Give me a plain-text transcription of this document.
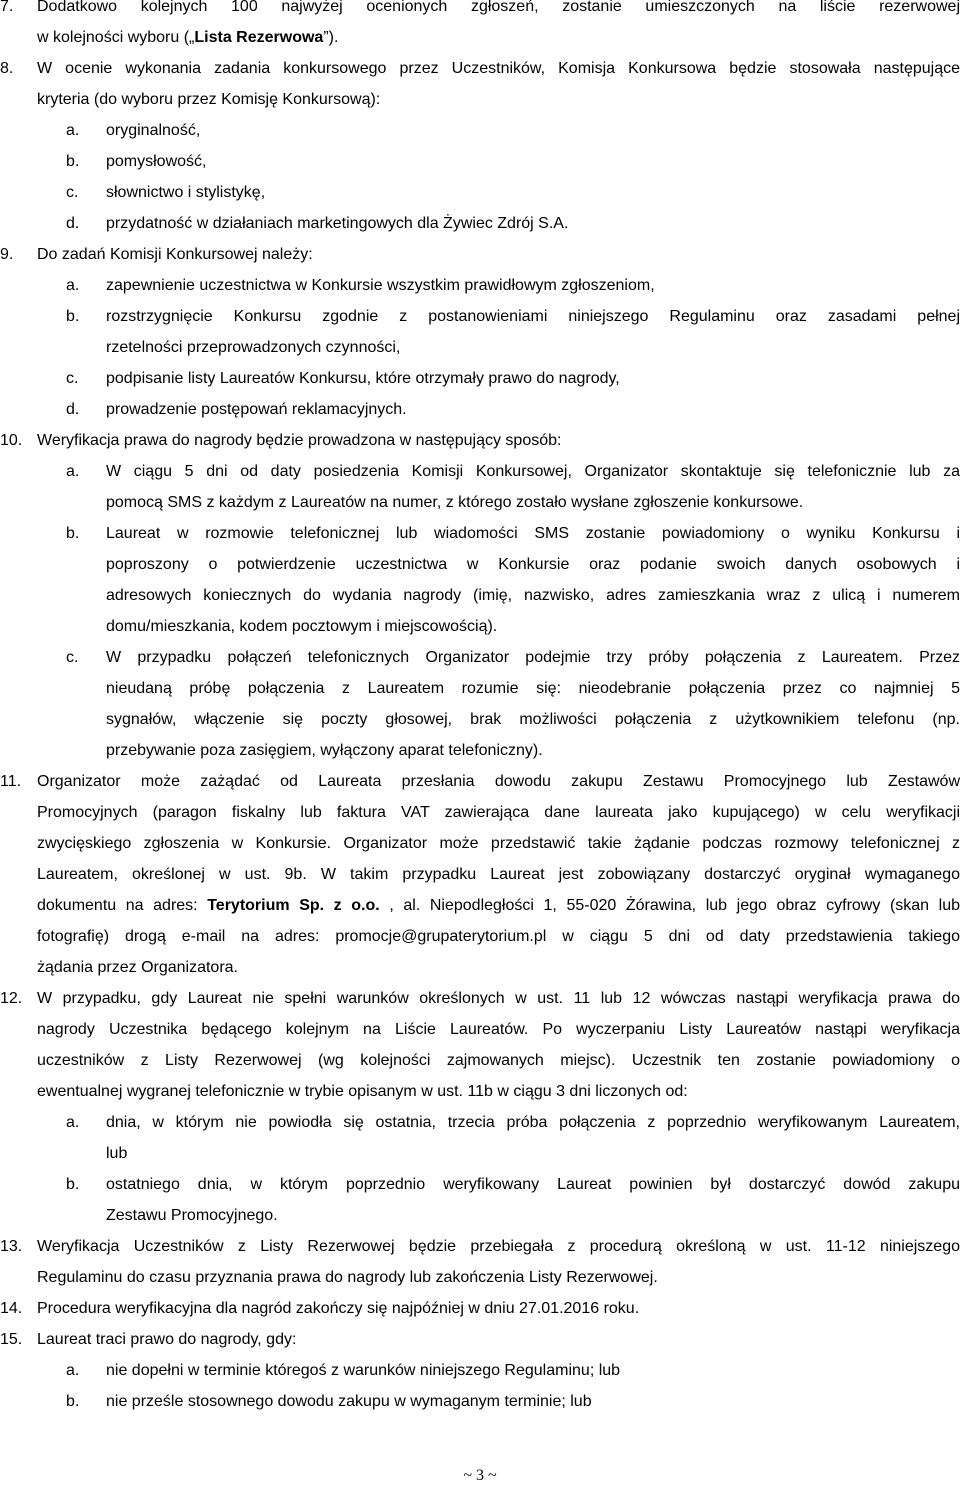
7. Dodatkowo kolejnych 100 najwyżej ocenionych zgłoszeń, zostanie umieszczonych na liście rezerwowej
w kolejności wyboru („Lista Rezerwowa”).
8. W ocenie wykonania zadania konkursowego przez Uczestników, Komisja Konkursowa będzie stosowała następujące
kryteria (do wyboru przez Komisję Konkursową):
a. oryginalność,
b. pomysłowość,
c. słownictwo i stylistykę,
d. przydatność w działaniach marketingowych dla Żywiec Zdrój S.A.
9. Do zadań Komisji Konkursowej należy:
a. zapewnienie uczestnictwa w Konkursie wszystkim prawidłowym zgłoszeniom,
b. rozstrzygnięcie Konkursu zgodnie z postanowieniami niniejszego Regulaminu oraz zasadami pełnej
rzetelności przeprowadzonych czynności,
c. podpisanie listy Laureatów Konkursu, które otrzymały prawo do nagrody,
d. prowadzenie postępowań reklamacyjnych.
10. Weryfikacja prawa do nagrody będzie prowadzona w następujący sposób:
a. W ciągu 5 dni od daty posiedzenia Komisji Konkursowej, Organizator skontaktuje się telefonicznie lub za
pomocą SMS z każdym z Laureatów na numer, z którego zostało wysłane zgłoszenie konkursowe.
b. Laureat w rozmowie telefonicznej lub wiadomości SMS zostanie powiadomiony o wyniku Konkursu i
poproszony o potwierdzenie uczestnictwa w Konkursie oraz podanie swoich danych osobowych i
adresowych koniecznych do wydania nagrody (imię, nazwisko, adres zamieszkania wraz z ulicą i numerem
domu/mieszkania, kodem pocztowym i miejscowością).
c. W przypadku połączeń telefonicznych Organizator podejmie trzy próby połączenia z Laureatem. Przez
nieudaną próbę połączenia z Laureatem rozumie się: nieodebranie połączenia przez co najmniej 5
sygnałów, włączenie się poczty głosowej, brak możliwości połączenia z użytkownikiem telefonu (np.
przebywanie poza zasięgiem, wyłączony aparat telefoniczny).
11. Organizator może zażądać od Laureata przesłania dowodu zakupu Zestawu Promocyjnego lub Zestawów
Promocyjnych (paragon fiskalny lub faktura VAT zawierająca dane laureata jako kupującego) w celu weryfikacji
zwycięskiego zgłoszenia w Konkursie. Organizator może przedstawić takie żądanie podczas rozmowy telefonicznej z
Laureatem, określonej w ust. 9b. W takim przypadku Laureat jest zobowiązany dostarczyć oryginał wymaganego
dokumentu na adres: Terytorium Sp. z o.o. , al. Niepodległości 1, 55-020 Żórawina, lub jego obraz cyfrowy (skan lub
fotografię) drogą e-mail na adres: promocje@grupaterytorium.pl w ciągu 5 dni od daty przedstawienia takiego
żądania przez Organizatora.
12. W przypadku, gdy Laureat nie spełni warunków określonych w ust. 11 lub 12 wówczas nastąpi weryfikacja prawa do
nagrody Uczestnika będącego kolejnym na Liście Laureatów. Po wyczerpaniu Listy Laureatów nastąpi weryfikacja
uczestników z Listy Rezerwowej (wg kolejności zajmowanych miejsc). Uczestnik ten zostanie powiadomiony o
ewentualnej wygranej telefonicznie w trybie opisanym w ust. 11b w ciągu 3 dni liczonych od:
a. dnia, w którym nie powiodła się ostatnia, trzecia próba połączenia z poprzednio weryfikowanym Laureatem,
lub
b. ostatniego dnia, w którym poprzednio weryfikowany Laureat powinien był dostarczyć dowód zakupu
Zestawu Promocyjnego.
13. Weryfikacja Uczestników z Listy Rezerwowej będzie przebiegała z procedurą określoną w ust. 11-12 niniejszego
Regulaminu do czasu przyznania prawa do nagrody lub zakończenia Listy Rezerwowej.
14. Procedura weryfikacyjna dla nagród zakończy się najpóźniej w dniu 27.01.2016 roku.
15. Laureat traci prawo do nagrody, gdy:
a. nie dopełni w terminie któregoś z warunków niniejszego Regulaminu; lub
b. nie prześle stosownego dowodu zakupu w wymaganym terminie; lub
~ 3 ~
